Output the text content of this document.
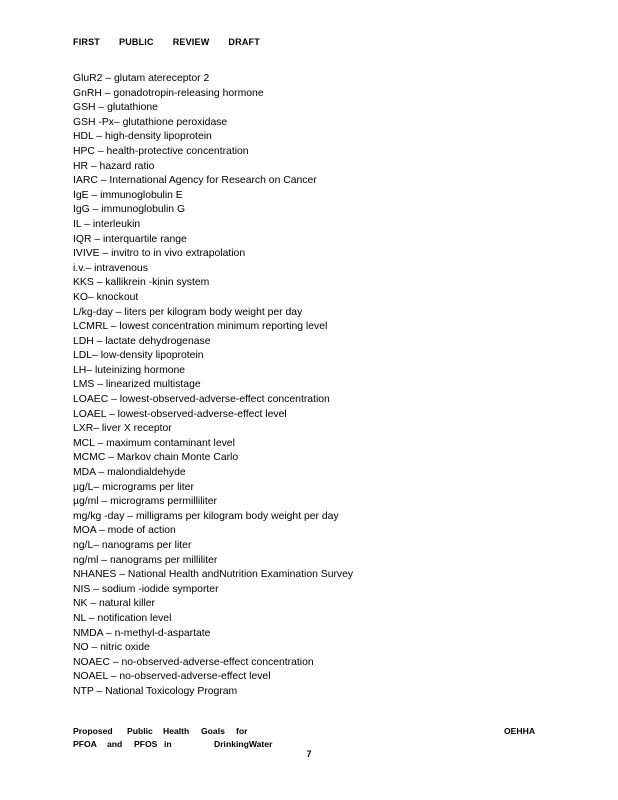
FIRST PUBLIC REVIEW DRAFT
GluR2 – glutam atereceptor 2
GnRH – gonadotropin-releasing hormone
GSH – glutathione
GSH -Px– glutathione peroxidase
HDL – high-density lipoprotein
HPC – health-protective concentration
HR – hazard ratio
IARC – International Agency for Research on Cancer
IgE – immunoglobulin E
IgG – immunoglobulin G
IL – interleukin
IQR – interquartile range
IVIVE – invitro to in vivo extrapolation
i.v.– intravenous
KKS – kallikrein -kinin system
KO– knockout
L/kg-day – liters per kilogram body weight per day
LCMRL – lowest concentration minimum reporting level
LDH – lactate dehydrogenase
LDL– low-density lipoprotein
LH– luteinizing hormone
LMS – linearized multistage
LOAEC – lowest-observed-adverse-effect concentration
LOAEL – lowest-observed-adverse-effect level
LXR– liver X receptor
MCL – maximum contaminant level
MCMC – Markov chain Monte Carlo
MDA – malondialdehyde
µg/L– micrograms per liter
µg/ml – micrograms permilliliter
mg/kg -day – milligrams per kilogram body weight per day
MOA – mode of action
ng/L– nanograms per liter
ng/ml – nanograms per milliliter
NHANES – National Health andNutrition Examination Survey
NIS – sodium -iodide symporter
NK – natural killer
NL – notification level
NMDA – n-methyl-d-aspartate
NO – nitric oxide
NOAEC – no-observed-adverse-effect concentration
NOAEL – no-observed-adverse-effect level
NTP – National Toxicology Program
Proposed	Public	Health	Goals	for
PFOA	and	PFOS in	Drinking Water
OEHHA
7
